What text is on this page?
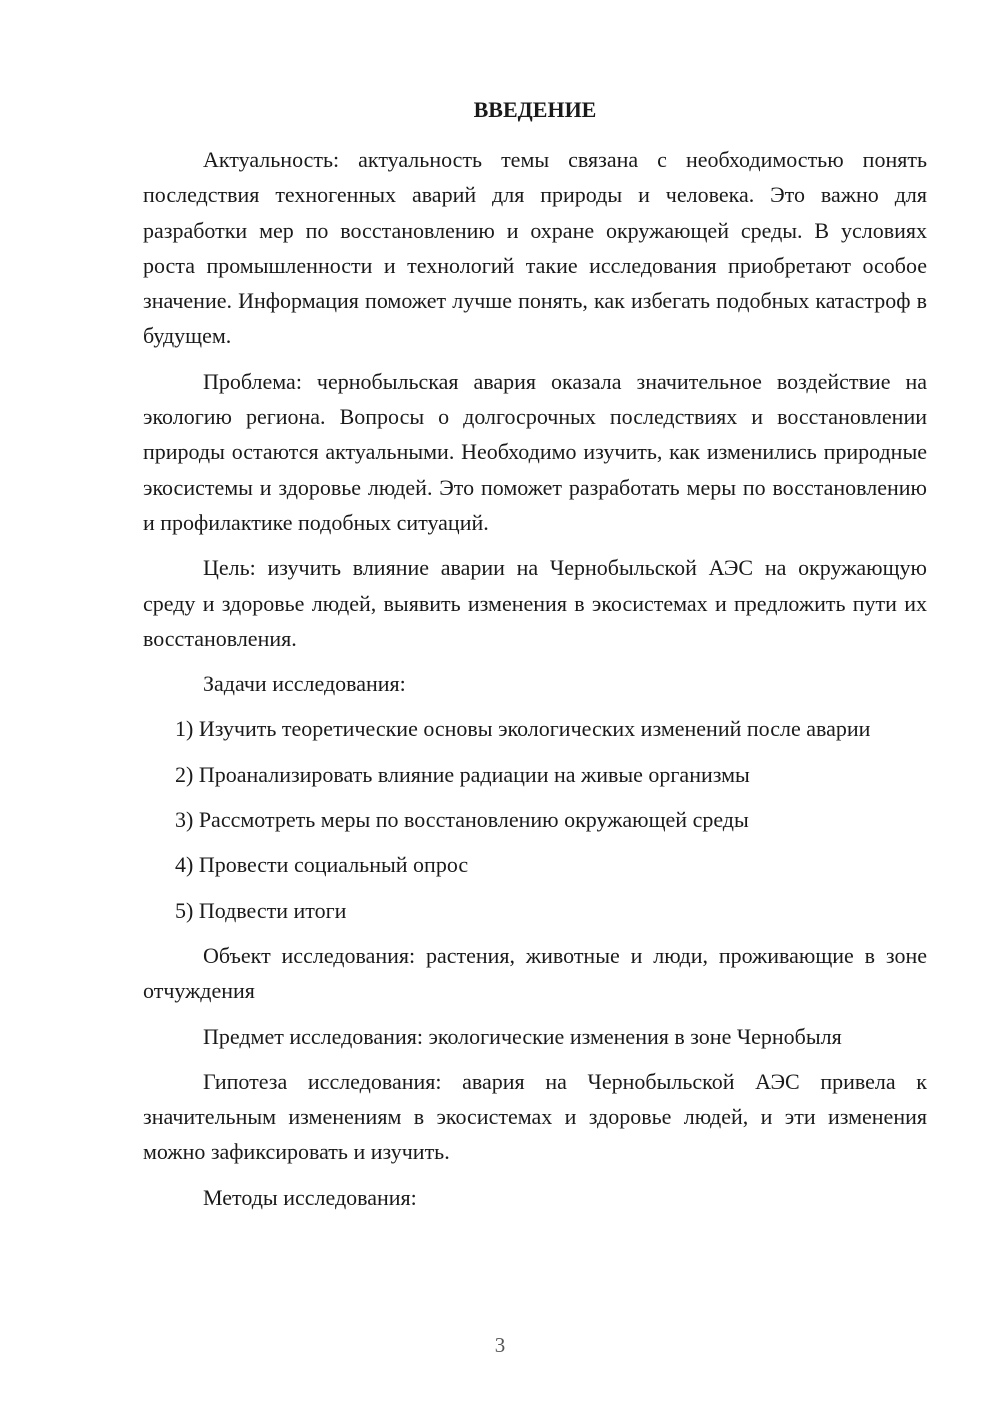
ВВЕДЕНИЕ

Актуальность: актуальность темы связана с необходимостью понять последствия техногенных аварий для природы и человека. Это важно для разработки мер по восстановлению и охране окружающей среды. В условиях роста промышленности и технологий такие исследования приобретают особое значение. Информация поможет лучше понять, как избегать подобных катастроф в будущем.

Проблема: чернобыльская авария оказала значительное воздействие на экологию региона. Вопросы о долгосрочных последствиях и восстановлении природы остаются актуальными. Необходимо изучить, как изменились природные экосистемы и здоровье людей. Это поможет разработать меры по восстановлению и профилактике подобных ситуаций.

Цель: изучить влияние аварии на Чернобыльской АЭС на окружающую среду и здоровье людей, выявить изменения в экосистемах и предложить пути их восстановления.

Задачи исследования:

1) Изучить теоретические основы экологических изменений после аварии

2) Проанализировать влияние радиации на живые организмы

3) Рассмотреть меры по восстановлению окружающей среды

4) Провести социальный опрос

5) Подвести итоги

Объект исследования: растения, животные и люди, проживающие в зоне отчуждения

Предмет исследования: экологические изменения в зоне Чернобыля

Гипотеза исследования: авария на Чернобыльской АЭС привела к значительным изменениям в экосистемах и здоровье людей, и эти изменения можно зафиксировать и изучить.

Методы исследования:

3
